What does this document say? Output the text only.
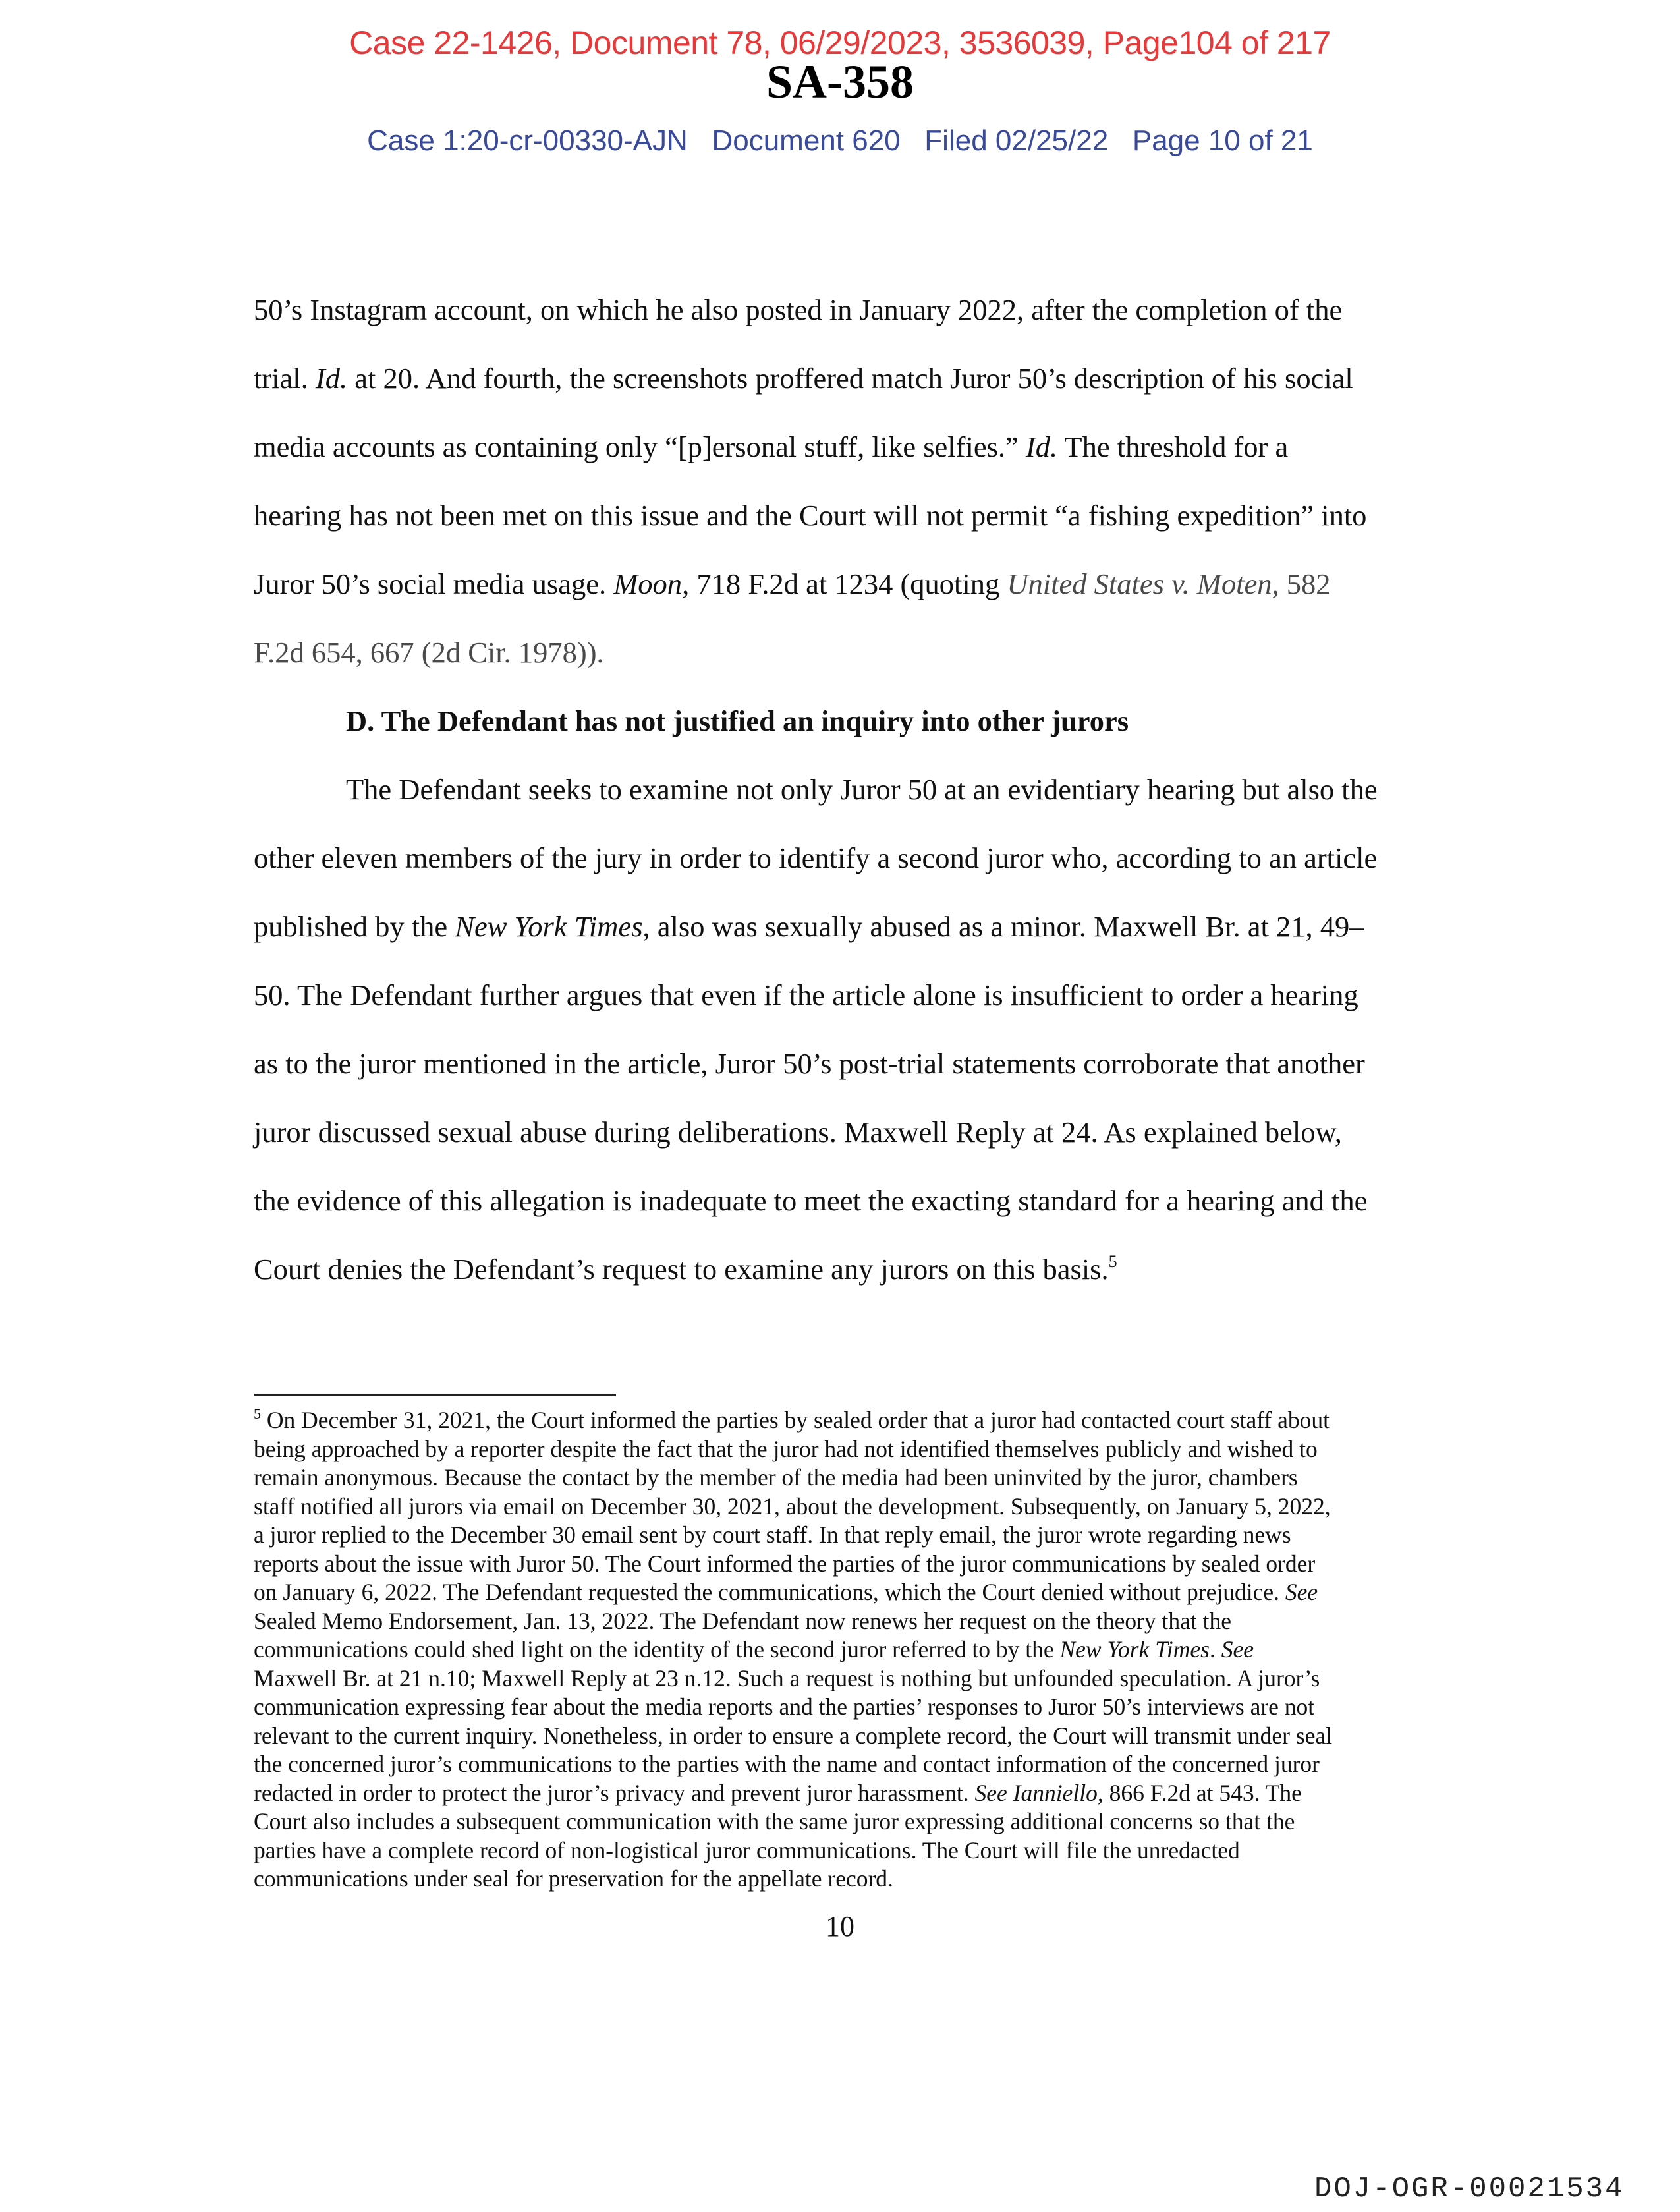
Case 22-1426, Document 78, 06/29/2023, 3536039, Page104 of 217
SA-358
Case 1:20-cr-00330-AJN   Document 620   Filed 02/25/22   Page 10 of 21
50’s Instagram account, on which he also posted in January 2022, after the completion of the
trial. Id. at 20. And fourth, the screenshots proffered match Juror 50’s description of his social
media accounts as containing only “[p]ersonal stuff, like selfies.” Id. The threshold for a
hearing has not been met on this issue and the Court will not permit “a fishing expedition” into
Juror 50’s social media usage. Moon, 718 F.2d at 1234 (quoting United States v. Moten, 582
F.2d 654, 667 (2d Cir. 1978)).
D. The Defendant has not justified an inquiry into other jurors
The Defendant seeks to examine not only Juror 50 at an evidentiary hearing but also the
other eleven members of the jury in order to identify a second juror who, according to an article
published by the New York Times, also was sexually abused as a minor. Maxwell Br. at 21, 49–
50. The Defendant further argues that even if the article alone is insufficient to order a hearing
as to the juror mentioned in the article, Juror 50’s post-trial statements corroborate that another
juror discussed sexual abuse during deliberations. Maxwell Reply at 24. As explained below,
the evidence of this allegation is inadequate to meet the exacting standard for a hearing and the
Court denies the Defendant’s request to examine any jurors on this basis.$^5$
$^5$ On December 31, 2021, the Court informed the parties by sealed order that a juror had contacted court staff about
being approached by a reporter despite the fact that the juror had not identified themselves publicly and wished to
remain anonymous. Because the contact by the member of the media had been uninvited by the juror, chambers
staff notified all jurors via email on December 30, 2021, about the development. Subsequently, on January 5, 2022,
a juror replied to the December 30 email sent by court staff. In that reply email, the juror wrote regarding news
reports about the issue with Juror 50. The Court informed the parties of the juror communications by sealed order
on January 6, 2022. The Defendant requested the communications, which the Court denied without prejudice. See
Sealed Memo Endorsement, Jan. 13, 2022. The Defendant now renews her request on the theory that the
communications could shed light on the identity of the second juror referred to by the New York Times. See
Maxwell Br. at 21 n.10; Maxwell Reply at 23 n.12. Such a request is nothing but unfounded speculation. A juror’s
communication expressing fear about the media reports and the parties’ responses to Juror 50’s interviews are not
relevant to the current inquiry. Nonetheless, in order to ensure a complete record, the Court will transmit under seal
the concerned juror’s communications to the parties with the name and contact information of the concerned juror
redacted in order to protect the juror’s privacy and prevent juror harassment. See Ianniello, 866 F.2d at 543. The
Court also includes a subsequent communication with the same juror expressing additional concerns so that the
parties have a complete record of non-logistical juror communications. The Court will file the unredacted
communications under seal for preservation for the appellate record.
10
DOJ-OGR-00021534
